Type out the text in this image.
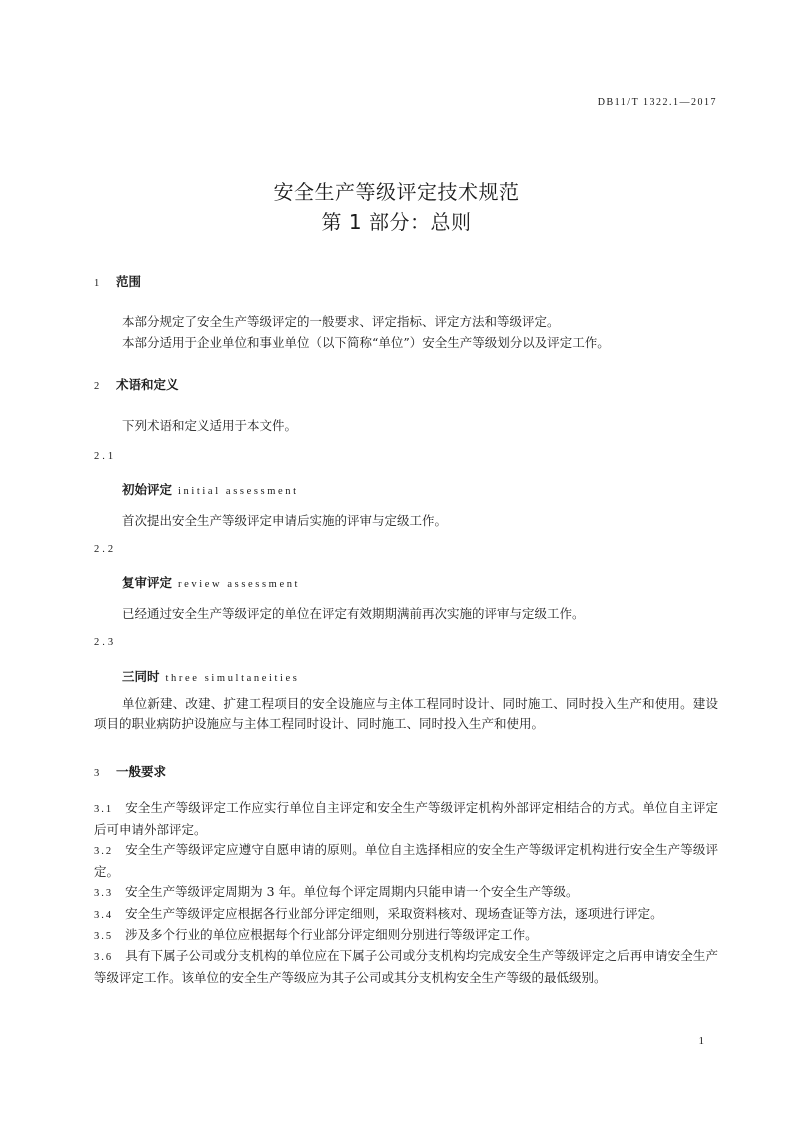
DB11/T 1322.1—2017
安全生产等级评定技术规范
第 1 部分：总则
1 范围
本部分规定了安全生产等级评定的一般要求、评定指标、评定方法和等级评定。
本部分适用于企业单位和事业单位（以下简称“单位”）安全生产等级划分以及评定工作。
2 术语和定义
下列术语和定义适用于本文件。
2.1
初始评定 initial assessment
首次提出安全生产等级评定申请后实施的评审与定级工作。
2.2
复审评定 review assessment
已经通过安全生产等级评定的单位在评定有效期期满前再次实施的评审与定级工作。
2.3
三同时 three simultaneities
单位新建、改建、扩建工程项目的安全设施应与主体工程同时设计、同时施工、同时投入生产和使用。建设项目的职业病防护设施应与主体工程同时设计、同时施工、同时投入生产和使用。
3 一般要求
3.1 安全生产等级评定工作应实行单位自主评定和安全生产等级评定机构外部评定相结合的方式。单位自主评定后可申请外部评定。
3.2 安全生产等级评定应遵守自愿申请的原则。单位自主选择相应的安全生产等级评定机构进行安全生产等级评定。
3.3 安全生产等级评定周期为 3 年。单位每个评定周期内只能申请一个安全生产等级。
3.4 安全生产等级评定应根据各行业部分评定细则，采取资料核对、现场查证等方法，逐项进行评定。
3.5 涉及多个行业的单位应根据每个行业部分评定细则分别进行等级评定工作。
3.6 具有下属子公司或分支机构的单位应在下属子公司或分支机构均完成安全生产等级评定之后再申请安全生产等级评定工作。该单位的安全生产等级应为其子公司或其分支机构安全生产等级的最低级别。
1
